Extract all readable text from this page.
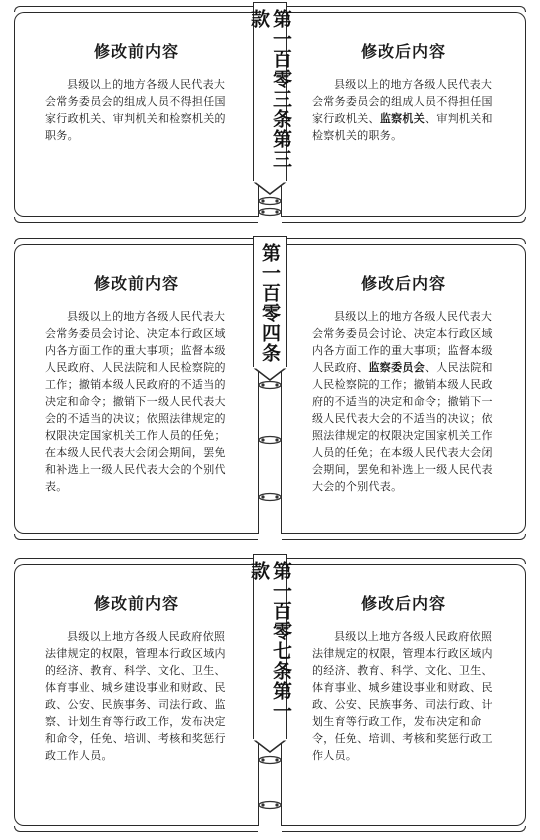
修改前内容
县级以上的地方各级人民代表大会常务委员会的组成人员不得担任国家行政机关、审判机关和检察机关的职务。
修改后内容
县级以上的地方各级人民代表大会常务委员会的组成人员不得担任国家行政机关、监察机关、审判机关和检察机关的职务。
第一百零三条第三款
修改前内容
县级以上的地方各级人民代表大会常务委员会讨论、决定本行政区域内各方面工作的重大事项；监督本级人民政府、人民法院和人民检察院的工作；撤销本级人民政府的不适当的决定和命令；撤销下一级人民代表大会的不适当的决议；依照法律规定的权限决定国家机关工作人员的任免；在本级人民代表大会闭会期间，罢免和补选上一级人民代表大会的个别代表。
修改后内容
县级以上的地方各级人民代表大会常务委员会讨论、决定本行政区域内各方面工作的重大事项；监督本级人民政府、监察委员会、人民法院和人民检察院的工作；撤销本级人民政府的不适当的决定和命令；撤销下一级人民代表大会的不适当的决议；依照法律规定的权限决定国家机关工作人员的任免；在本级人民代表大会闭会期间，罢免和补选上一级人民代表大会的个别代表。
第一百零四条
修改前内容
县级以上地方各级人民政府依照法律规定的权限，管理本行政区域内的经济、教育、科学、文化、卫生、体育事业、城乡建设事业和财政、民政、公安、民族事务、司法行政、监察、计划生育等行政工作，发布决定和命令，任免、培训、考核和奖惩行政工作人员。
修改后内容
县级以上地方各级人民政府依照法律规定的权限，管理本行政区域内的经济、教育、科学、文化、卫生、体育事业、城乡建设事业和财政、民政、公安、民族事务、司法行政、计划生育等行政工作，发布决定和命令，任免、培训、考核和奖惩行政工作人员。
第一百零七条第一款
